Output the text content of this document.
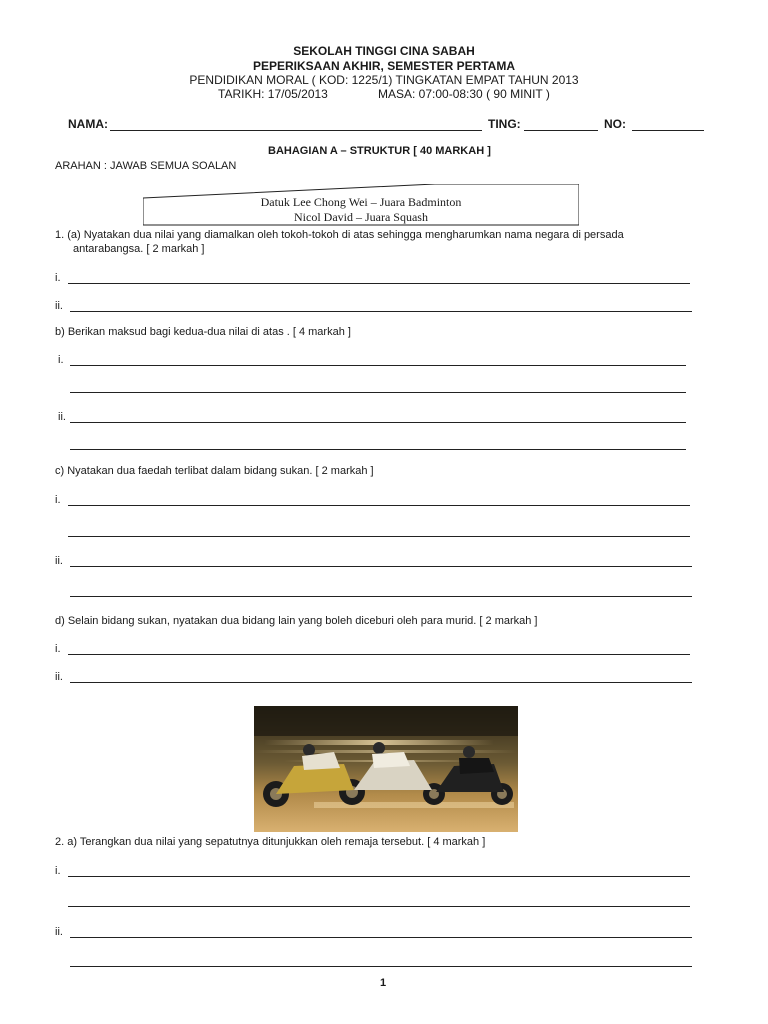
SEKOLAH TINGGI CINA SABAH
PEPERIKSAAN AKHIR, SEMESTER PERTAMA
PENDIDIKAN MORAL ( KOD: 1225/1) TINGKATAN EMPAT TAHUN 2013
TARIKH: 17/05/2013	MASA: 07:00-08:30 ( 90 MINIT )
NAMA:	TING:	NO:
BAHAGIAN A – STRUKTUR [ 40 MARKAH ]
ARAHAN : JAWAB SEMUA SOALAN
Datuk Lee Chong Wei – Juara Badminton
Nicol David – Juara Squash
1. (a) Nyatakan dua nilai yang diamalkan oleh tokoh-tokoh di atas sehingga mengharumkan nama negara di persada
antarabangsa. [ 2 markah ]
i.
ii.
b) Berikan maksud bagi kedua-dua nilai di atas . [ 4 markah ]
i.
ii.
c) Nyatakan dua faedah terlibat dalam bidang sukan. [ 2 markah ]
i.
ii.
d) Selain bidang sukan, nyatakan dua bidang lain yang boleh diceburi oleh para murid. [ 2 markah ]
i.
ii.
2. a) Terangkan dua nilai yang sepatutnya ditunjukkan oleh remaja tersebut. [ 4 markah ]
i.
ii.
1
